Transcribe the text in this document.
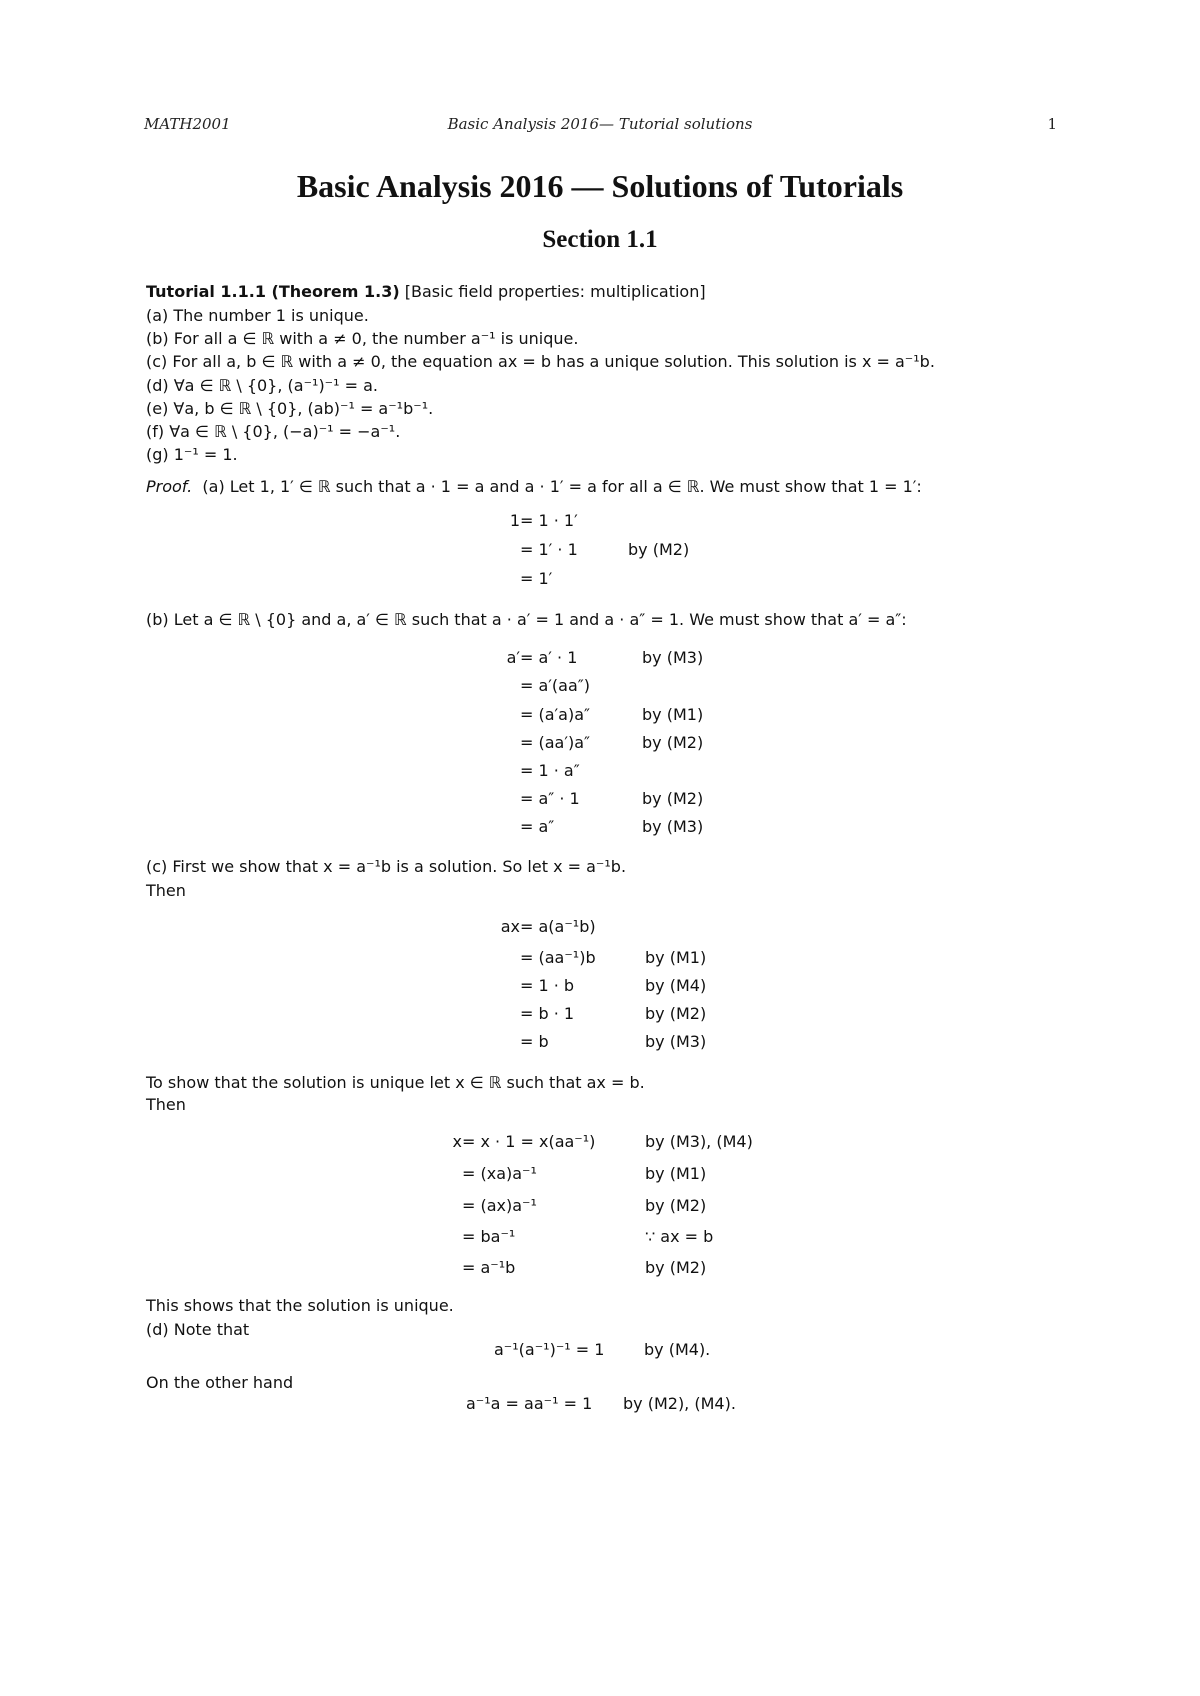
MATH2001	Basic Analysis 2016— Tutorial solutions	1
Basic Analysis 2016 — Solutions of Tutorials
Section 1.1
Tutorial 1.1.1 (Theorem 1.3) [Basic field properties: multiplication]
(a) The number 1 is unique.
(b) For all a ∈ ℝ with a ≠ 0, the number a⁻¹ is unique.
(c) For all a, b ∈ ℝ with a ≠ 0, the equation ax = b has a unique solution. This solution is x = a⁻¹b.
(d) ∀a ∈ ℝ \ {0}, (a⁻¹)⁻¹ = a.
(e) ∀a, b ∈ ℝ \ {0}, (ab)⁻¹ = a⁻¹b⁻¹.
(f) ∀a ∈ ℝ \ {0}, (−a)⁻¹ = −a⁻¹.
(g) 1⁻¹ = 1.
Proof. (a) Let 1, 1′ ∈ ℝ such that a · 1 = a and a · 1′ = a for all a ∈ ℝ. We must show that 1 = 1′:
1 = 1 · 1′
= 1′ · 1	by (M2)
= 1′
(b) Let a ∈ ℝ \ {0} and a, a′ ∈ ℝ such that a · a′ = 1 and a · a″ = 1. We must show that a′ = a″:
a′ = a′ · 1	by (M3)
= a′(aa″)
= (a′a)a″	by (M1)
= (aa′)a″	by (M2)
= 1 · a″
= a″ · 1	by (M2)
= a″	by (M3)
(c) First we show that x = a⁻¹b is a solution. So let x = a⁻¹b.
Then
ax = a(a⁻¹b)
= (aa⁻¹)b	by (M1)
= 1 · b	by (M4)
= b · 1	by (M2)
= b	by (M3)
To show that the solution is unique let x ∈ ℝ such that ax = b.
Then
x = x · 1 = x(aa⁻¹)	by (M3), (M4)
= (xa)a⁻¹	by (M1)
= (ax)a⁻¹	by (M2)
= ba⁻¹	∵ ax = b
= a⁻¹b	by (M2)
This shows that the solution is unique.
(d) Note that
a⁻¹(a⁻¹)⁻¹ = 1 by (M4).
On the other hand
a⁻¹a = aa⁻¹ = 1 by (M2), (M4).
